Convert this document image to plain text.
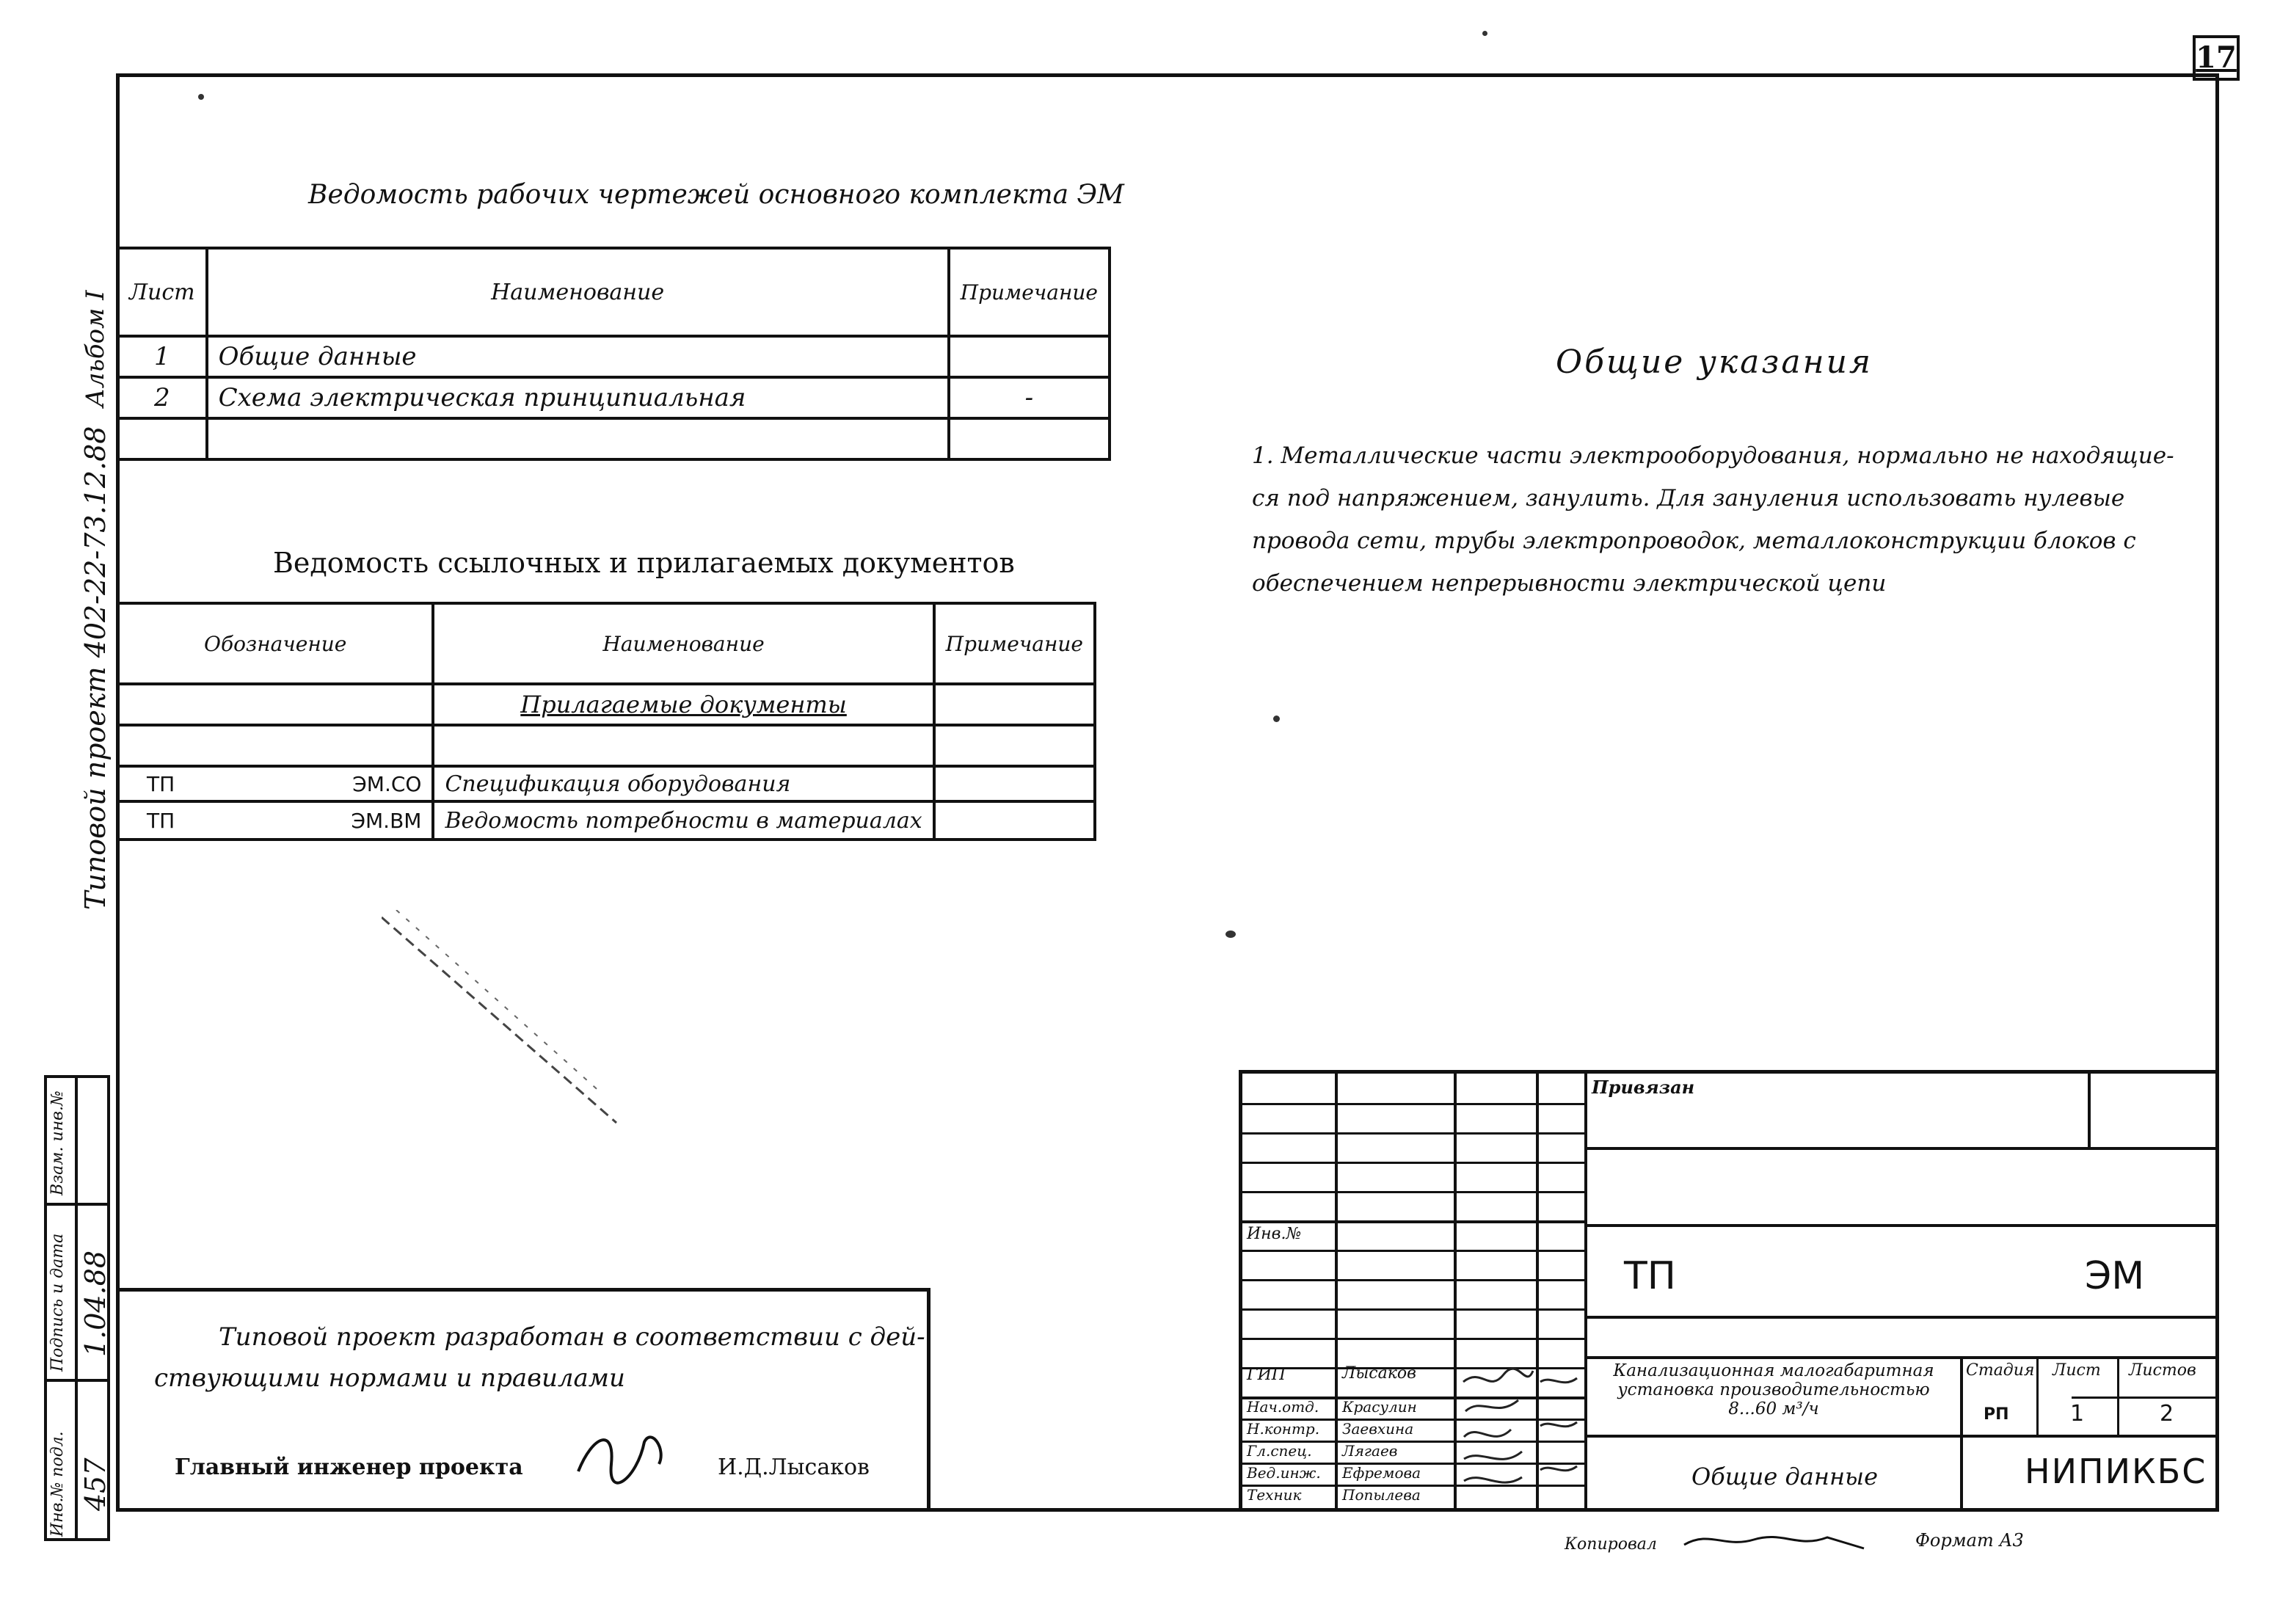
17
Альбом I
Типовой проект 402-22-73.12.88
Взам. инв.№
Подпись и дата 1.04.88
Инв.№ подл. 457
Ведомость рабочих чертежей основного комплекта ЭМ
Лист	Наименование	Примечание
1	Общие данные	
2	Схема электрическая принципиальная	-

Ведомость ссылочных и прилагаемых документов
Обозначение	Наименование	Примечание
	Прилагаемые документы	

ТП ЭМ.СО	Спецификация оборудования	

ТП ЭМ.ВМ	Ведомость потребности в материалах	
Общие указания
1. Металлические части электрооборудования, нормально не находящие-
ся под напряжением, занулить. Для зануления использовать нулевые
провода сети, трубы электропроводок, металлоконструкции блоков с
обеспечением непрерывности электрической цепи
Типовой проект разработан в соответствии с дей-
ствующими нормами и правилами
Главный инженер проекта	И.Д.Лысаков
Привязан
Инв.№
ТП	ЭМ
ГИП	Лысаков
Нач.отд. Красулин
Н.контр. Заевхина
Гл.спец. Лягаев
Вед.инж. Ефремова
Техник	Попылева
Канализационная малогабаритная
установка производительностью
8...60 м³/ч
Стадия Лист Листов
РП	1	2
Общие данные	НИПИКБС
Копировал	Формат А3
